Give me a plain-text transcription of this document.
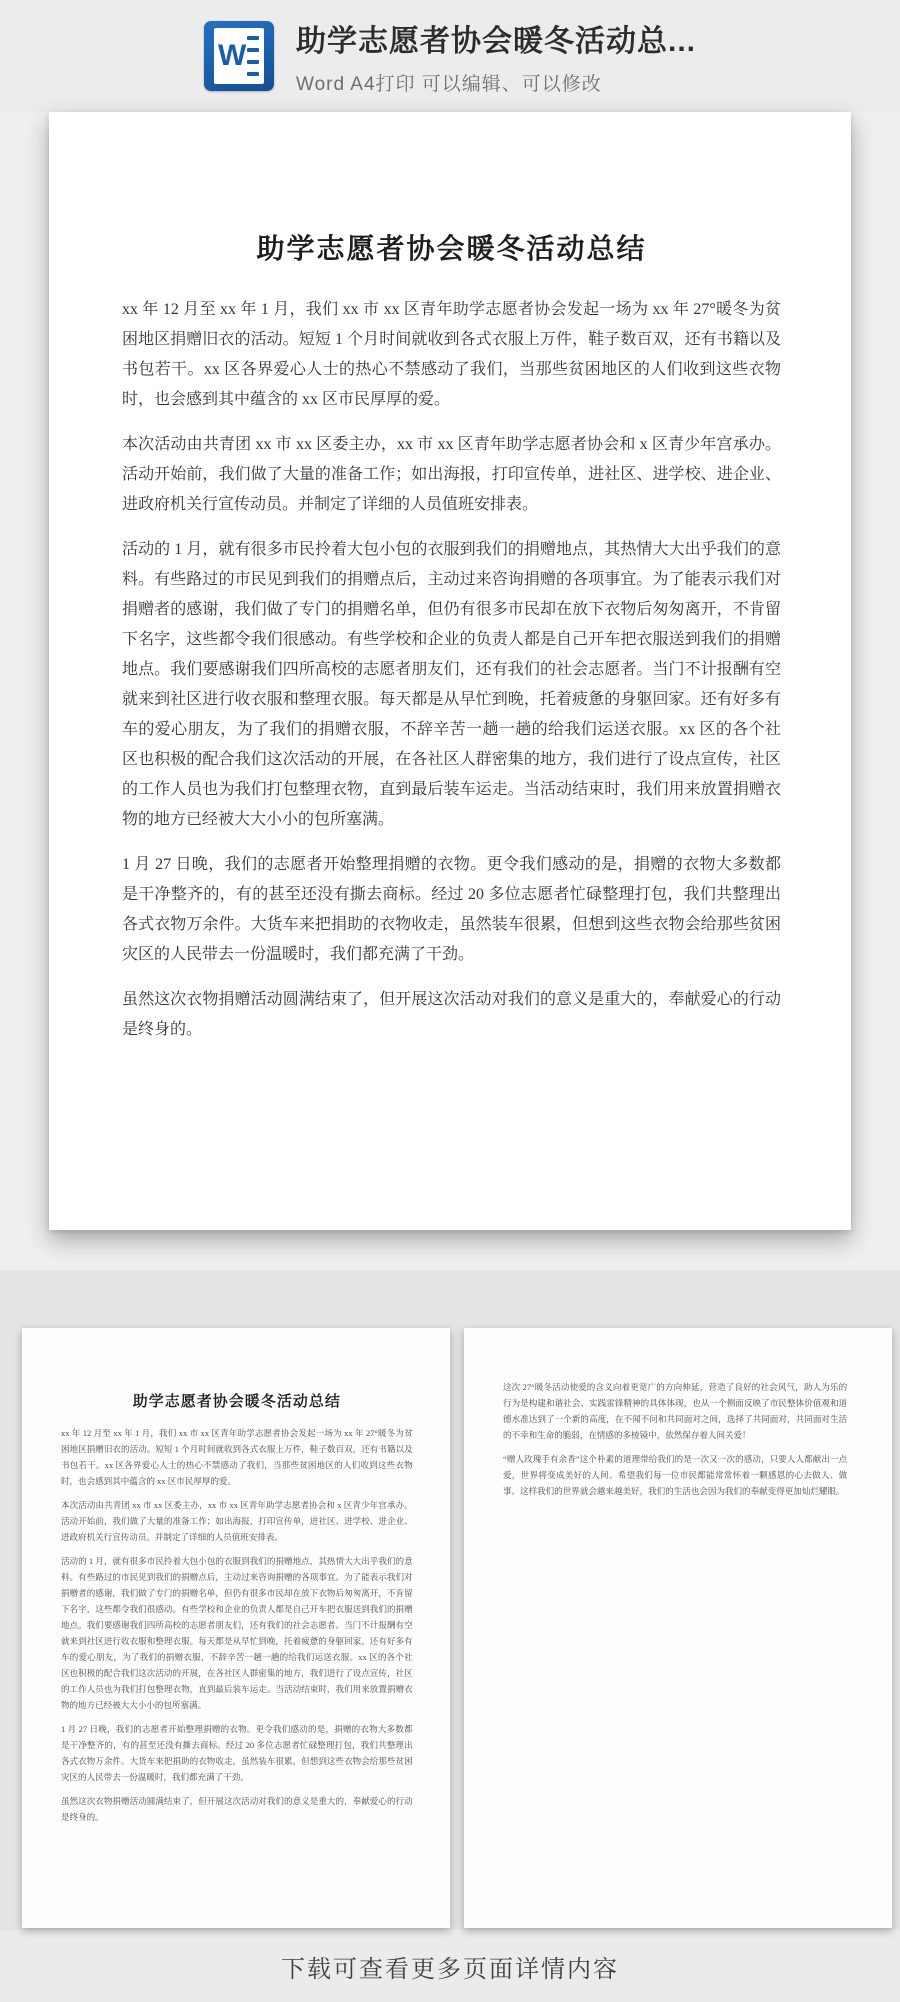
W 助学志愿者协会暖冬活动总...
Word A4打印 可以编辑、可以修改
助学志愿者协会暖冬活动总结

xx 年 12 月至 xx 年 1 月，我们 xx 市 xx 区青年助学志愿者协会发起一场为 xx 年 27°暖冬为贫困地区捐赠旧衣的活动。短短 1 个月时间就收到各式衣服上万件，鞋子数百双，还有书籍以及书包若干。xx 区各界爱心人士的热心不禁感动了我们，当那些贫困地区的人们收到这些衣物时，也会感到其中蕴含的 xx 区市民厚厚的爱。

本次活动由共青团 xx 市 xx 区委主办，xx 市 xx 区青年助学志愿者协会和 x 区青少年宫承办。活动开始前，我们做了大量的准备工作；如出海报，打印宣传单，进社区、进学校、进企业、进政府机关行宣传动员。并制定了详细的人员值班安排表。

活动的 1 月，就有很多市民拎着大包小包的衣服到我们的捐赠地点，其热情大大出乎我们的意料。有些路过的市民见到我们的捐赠点后，主动过来咨询捐赠的各项事宜。为了能表示我们对捐赠者的感谢，我们做了专门的捐赠名单，但仍有很多市民却在放下衣物后匆匆离开，不肯留下名字，这些都令我们很感动。有些学校和企业的负责人都是自己开车把衣服送到我们的捐赠地点。我们要感谢我们四所高校的志愿者朋友们，还有我们的社会志愿者。当门不计报酬有空就来到社区进行收衣服和整理衣服。每天都是从早忙到晚，托着疲惫的身躯回家。还有好多有车的爱心朋友，为了我们的捐赠衣服，不辞辛苦一趟一趟的给我们运送衣服。xx 区的各个社区也积极的配合我们这次活动的开展，在各社区人群密集的地方，我们进行了设点宣传，社区的工作人员也为我们打包整理衣物，直到最后装车运走。当活动结束时，我们用来放置捐赠衣物的地方已经被大大小小的包所塞满。

1 月 27 日晚，我们的志愿者开始整理捐赠的衣物。更令我们感动的是，捐赠的衣物大多数都是干净整齐的，有的甚至还没有撕去商标。经过 20 多位志愿者忙碌整理打包，我们共整理出各式衣物万余件。大货车来把捐助的衣物收走，虽然装车很累，但想到这些衣物会给那些贫困灾区的人民带去一份温暖时，我们都充满了干劲。

虽然这次衣物捐赠活动圆满结束了，但开展这次活动对我们的意义是重大的，奉献爱心的行动是终身的。

助学志愿者协会暖冬活动总结

xx 年 12 月至 xx 年 1 月，我们 xx 市 xx 区青年助学志愿者协会发起一场为 xx 年 27°暖冬为贫困地区捐赠旧衣的活动。短短 1 个月时间就收到各式衣服上万件，鞋子数百双，还有书籍以及书包若干。xx 区各界爱心人士的热心不禁感动了我们，当那些贫困地区的人们收到这些衣物时，也会感到其中蕴含的 xx 区市民厚厚的爱。

本次活动由共青团 xx 市 xx 区委主办，xx 市 xx 区青年助学志愿者协会和 x 区青少年宫承办。活动开始前，我们做了大量的准备工作；如出海报，打印宣传单，进社区、进学校、进企业、进政府机关行宣传动员。并制定了详细的人员值班安排表。

活动的 1 月，就有很多市民拎着大包小包的衣服到我们的捐赠地点，其热情大大出乎我们的意料。有些路过的市民见到我们的捐赠点后，主动过来咨询捐赠的各项事宜。为了能表示我们对捐赠者的感谢，我们做了专门的捐赠名单，但仍有很多市民却在放下衣物后匆匆离开，不肯留下名字，这些都令我们很感动。有些学校和企业的负责人都是自己开车把衣服送到我们的捐赠地点。我们要感谢我们四所高校的志愿者朋友们，还有我们的社会志愿者。当门不计报酬有空就来到社区进行收衣服和整理衣服。每天都是从早忙到晚，托着疲惫的身躯回家。还有好多有车的爱心朋友，为了我们的捐赠衣服，不辞辛苦一趟一趟的给我们运送衣服。xx 区的各个社区也积极的配合我们这次活动的开展，在各社区人群密集的地方，我们进行了设点宣传，社区的工作人员也为我们打包整理衣物，直到最后装车运走。当活动结束时，我们用来放置捐赠衣物的地方已经被大大小小的包所塞满。

1 月 27 日晚，我们的志愿者开始整理捐赠的衣物。更令我们感动的是，捐赠的衣物大多数都是干净整齐的，有的甚至还没有撕去商标。经过 20 多位志愿者忙碌整理打包，我们共整理出各式衣物万余件。大货车来把捐助的衣物收走，虽然装车很累，但想到这些衣物会给那些贫困灾区的人民带去一份温暖时，我们都充满了干劲。

虽然这次衣物捐赠活动圆满结束了，但开展这次活动对我们的意义是重大的，奉献爱心的行动是终身的。

这次 27°暖冬活动使爱的含义向着更宽广的方向伸延，营造了良好的社会风气，助人为乐的行为是构建和谐社会、实践雷锋精神的具体体现，也从一个侧面反映了市民整体价值观和道德水准达到了一个新的高度，在不闻不问和共同面对之间，选择了共同面对，共同面对生活的不幸和生命的脆弱，在情感的多棱镜中，依然保存着人间关爱！

“赠人玫瑰手有余香”这个朴素的道理带给我们的是一次又一次的感动，只要人人都献出一点爱，世界将变成美好的人间。希望我们每一位市民都能常常怀着一颗感恩的心去做人、做事。这样我们的世界就会越来越美好，我们的生活也会因为我们的奉献变得更加灿烂耀眼。

下载可查看更多页面详情内容
